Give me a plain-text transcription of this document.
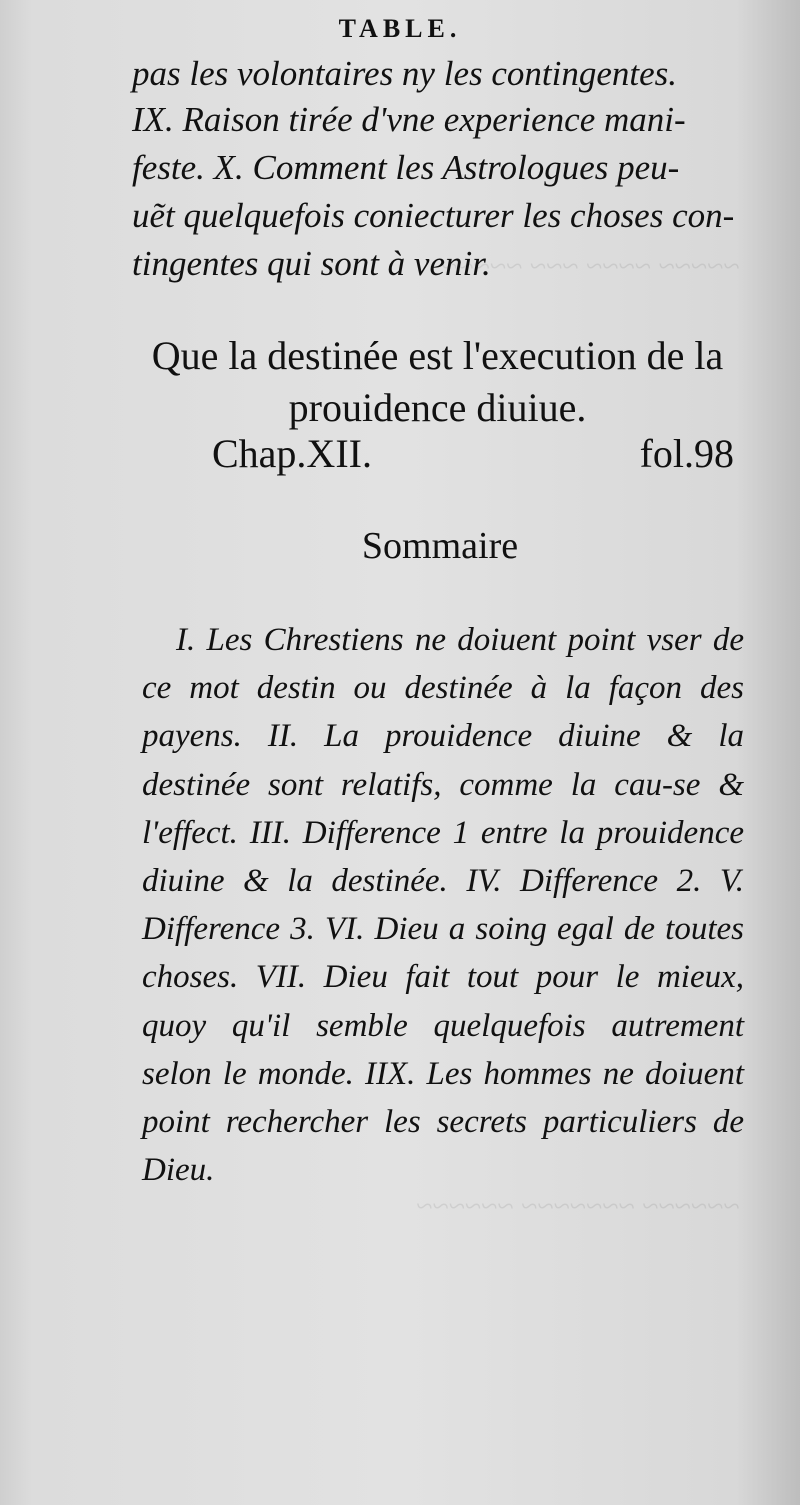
~~~~~ ~~~~ ~~~ ~~~~~
~~~~~~ ~~~~~~~ ~~~~~~
TABLE.
pas les volontaires ny les contingentes.
IX. Raison tirée d'vne experience mani-
feste. X. Comment les Astrologues peu-
uẽt quelquefois coniecturer les choses con-
tingentes qui sont à venir.
Que la destinée est l'execution de la
prouidence diuiue.
Chap.XII.	fol.98
Sommaire
I. Les Chrestiens ne doiuent point vser de ce mot destin ou destinée à la façon des payens. II. La prouidence diuine & la destinée sont relatifs, comme la cau-se & l'effect. III. Difference 1 entre la prouidence diuine & la destinée. IV. Difference 2. V. Difference 3. VI. Dieu a soing egal de toutes choses. VII. Dieu fait tout pour le mieux, quoy qu'il semble quelquefois autrement selon le monde. IIX. Les hommes ne doiuent point rechercher les secrets particuliers de Dieu.
